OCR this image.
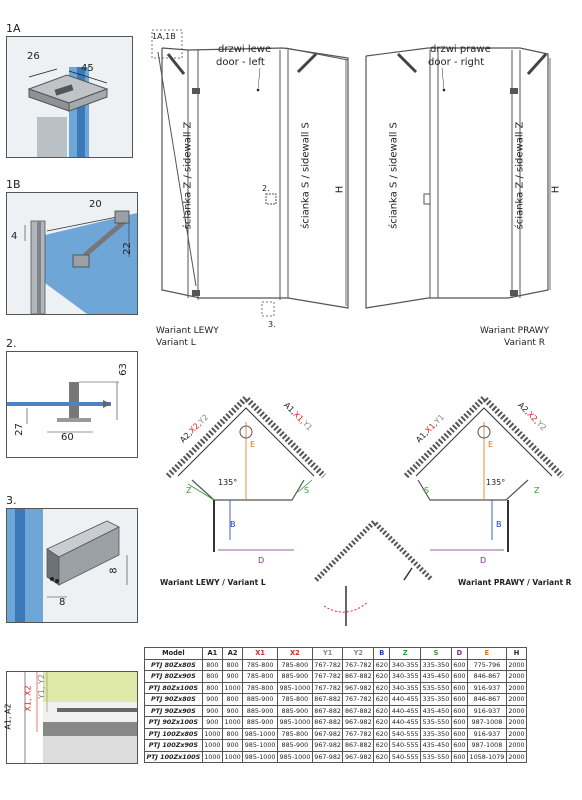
1A
26
45
1B
20
4
22
2.
63
27
60
3.
8
8
1A,1B
drzwi lewe
door - left
drzwi prawe
door - right
ścianka Z / sidewall Z	ścianka S / sidewall S H	ścianka S / sidewall S	ścianka Z / sidewall Z H
2.
3.
Wariant LEWY
Variant L
Wariant PRAWY
Variant R
A2,X2,Y2
A1,X1,Y1
E
135°
Z	S
B
D
Wariant LEWY / Variant L
A1,X1,Y1
A2,X2,Y2
E
135°
S	Z
B
D
Wariant PRAWY / Variant R
A1, A2
X1, X2 Y1, Y2
Model	A1	A2	X1	X2	Y1	Y2	B	Z	S	D	E	H
PTJ 80Zx80S	800	800	785-800	785-800	767-782	767-782	620	340-355	335-350	600	775-796	2000
PTJ 80Zx90S	800	900	785-800	885-900	767-782	867-882	620	340-355	435-450	600	846-867	2000
PTJ 80Zx100S	800	1000	785-800	985-1000	767-782	967-982	620	340-355	535-550	600	916-937	2000
PTJ 90Zx80S	900	800	885-900	785-800	867-882	767-782	620	440-455	335-350	600	846-867	2000
PTJ 90Zx90S	900	900	885-900	885-900	867-882	867-882	620	440-455	435-450	600	916-937	2000
PTJ 90Zx100S	900	1000	885-900	985-1000	867-882	967-982	620	440-455	535-550	600	987-1008	2000
PTJ 100Zx80S	1000	800	985-1000	785-800	967-982	767-782	620	540-555	335-350	600	916-937	2000
PTJ 100Zx90S	1000	900	985-1000	885-900	967-982	867-882	620	540-555	435-450	600	987-1008	2000
PTJ 100Zx100S	1000	1000	985-1000	985-1000	967-982	967-982	620	540-555	535-550	600	1058-1079	2000
